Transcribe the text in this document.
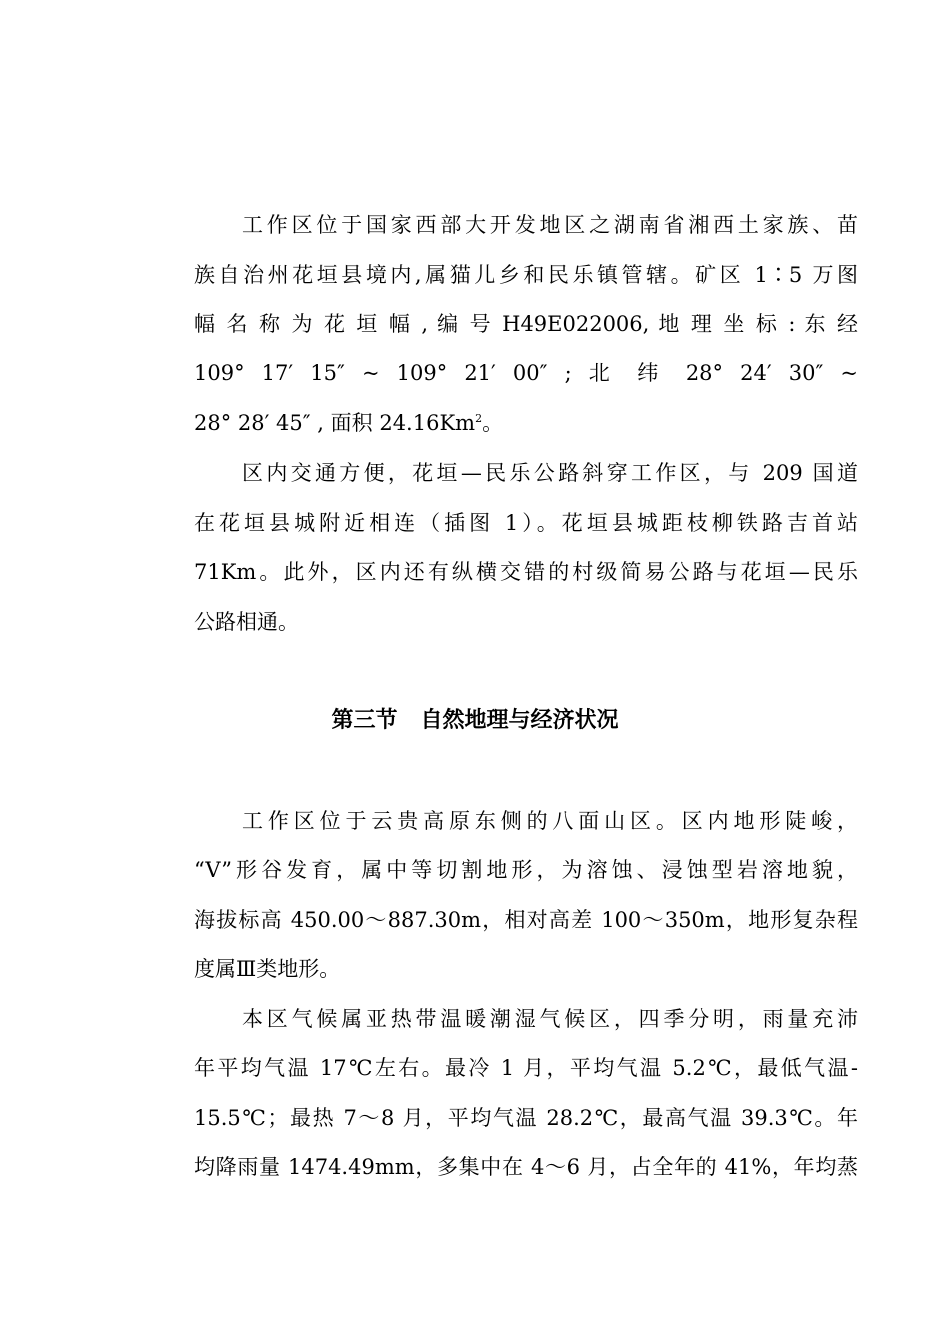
工作区位于国家西部大开发地区之湖南省湘西土家族、苗
族自治州花垣县境内,属猫儿乡和民乐镇管辖。矿区 1∶5 万图
幅 名 称 为 花 垣 幅 , 编 号 H49E022006, 地 理 坐 标 : 东 经
109° 17′ 15″ ~ 109° 21′ 00″ ; 北 纬 28° 24′ 30″ ~
28° 28′ 45″ , 面积 24.16Km$^2$。
区内交通方便，花垣—民乐公路斜穿工作区，与 209 国道
在花垣县城附近相连（插图 1）。花垣县城距枝柳铁路吉首站
71Km。此外，区内还有纵横交错的村级简易公路与花垣—民乐
公路相通。
第三节   自然地理与经济状况
工作区位于云贵高原东侧的八面山区。区内地形陡峻，
“V”形谷发育，属中等切割地形，为溶蚀、浸蚀型岩溶地貌，
海拔标高 450.00～887.30m，相对高差 100～350m，地形复杂程
度属Ⅲ类地形。
本区气候属亚热带温暖潮湿气候区，四季分明，雨量充沛
年平均气温 17℃左右。最冷 1 月，平均气温 5.2℃，最低气温-
15.5℃；最热 7～8 月，平均气温 28.2℃，最高气温 39.3℃。年
均降雨量 1474.49mm，多集中在 4～6 月，占全年的 41%，年均蒸
